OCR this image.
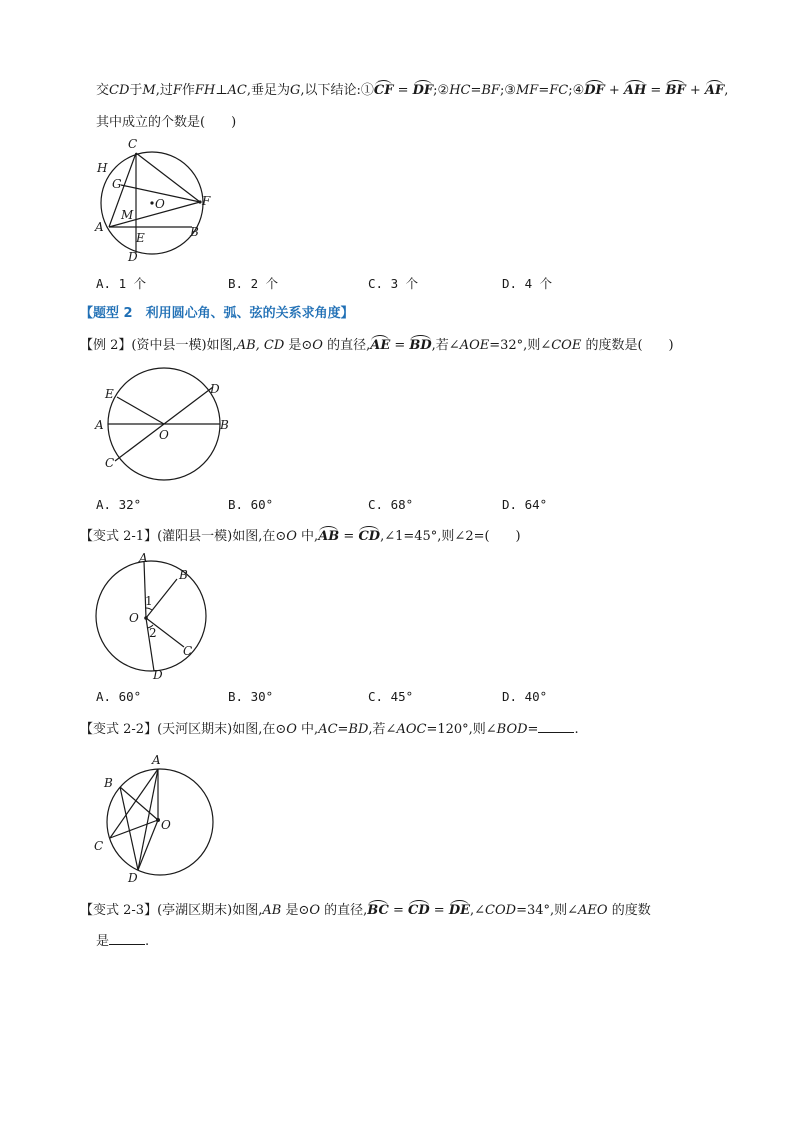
交CD于M,过F作FH⊥AC,垂足为G,以下结论:①CF = DF;②HC=BF;③MF=FC;④DF + AH = BF + AF,
其中成立的个数是(　　)
C
H
G
F
O
M
A
E	B
D
A. 1 个	B. 2 个	C. 3 个	D. 4 个
【题型 2　利用圆心角、弧、弦的关系求角度】
【例 2】(资中县一模)如图,AB, CD 是⊙O 的直径,AE = BD,若∠AOE=32°,则∠COE 的度数是(　　)
E	D
A
O
B
C
A. 32°	B. 60°	C. 68°	D. 64°
【变式 2-1】(灌阳县一模)如图,在⊙O 中,AB = CD,∠1=45°,则∠2=(　　)
A
B
1
O
2
C
D
A. 60°	B. 30°	C. 45°	D. 40°
【变式 2-2】(天河区期末)如图,在⊙O 中,AC=BD,若∠AOC=120°,则∠BOD=	.
A
B
O
C
D
【变式 2-3】(亭湖区期末)如图,AB 是⊙O 的直径,BC = CD = DE,∠COD=34°,则∠AEO 的度数
是	.
